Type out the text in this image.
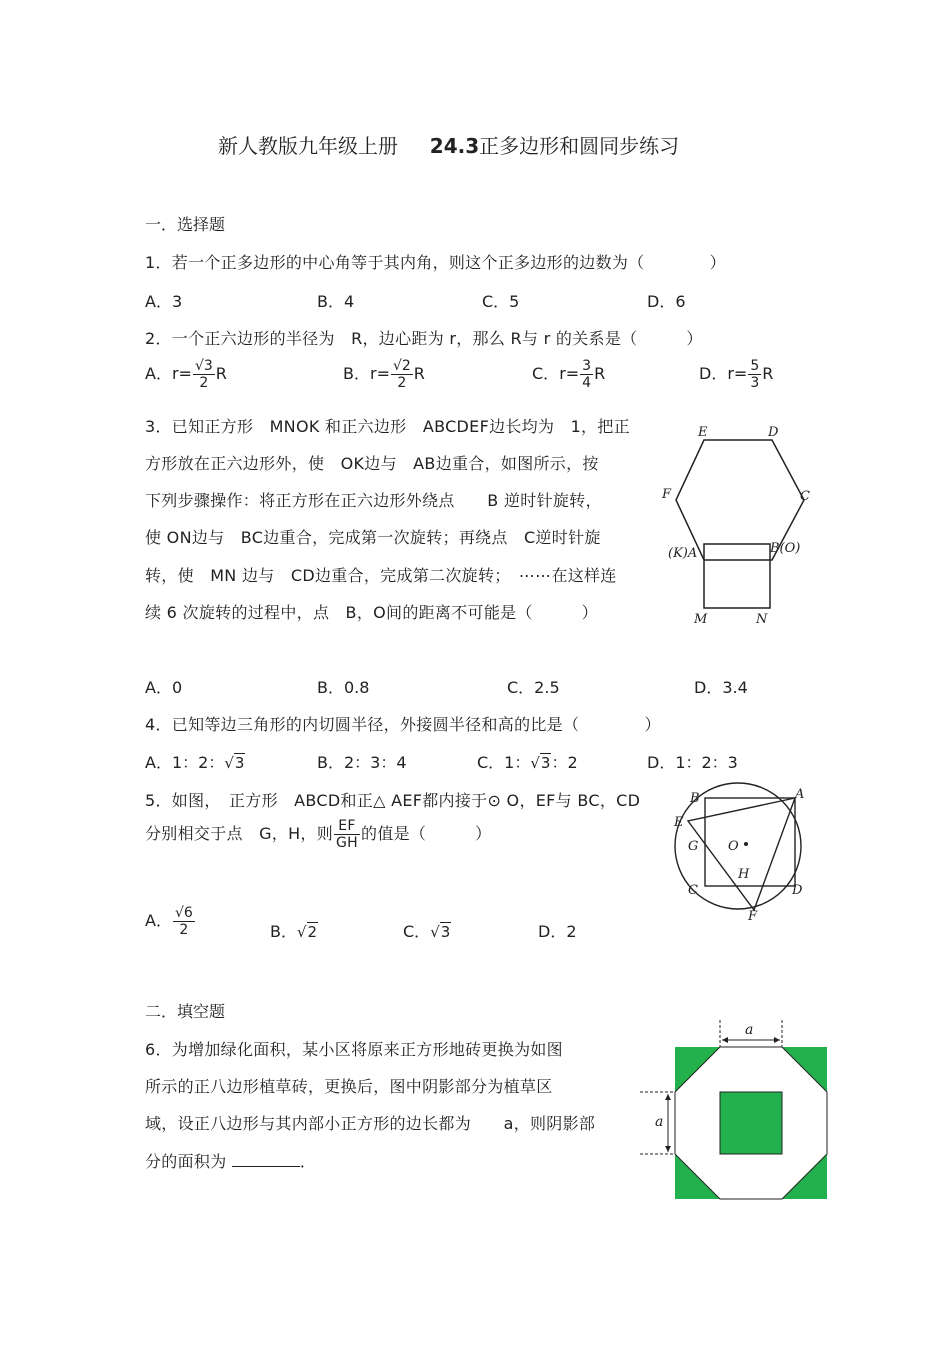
新人教版九年级上册 24.3正多边形和圆同步练习
一．选择题
1．若一个正多边形的中心角等于其内角，则这个正多边形的边数为（　　　　）
A．3	B．4	C．5	D．6
2．一个正六边形的半径为　R，边心距为 r，那么 R与 r 的关系是（　　　）
A．$r= \frac{√3}{2}$ R	B．$r= \frac{√2}{2}$ R	C．$r= \frac{3}{4}$ R	D．$r= \frac{5}{3}$ R
3．已知正方形　MNOK 和正六边形　ABCDEF边长均为　1，把正
方形放在正六边形外，使　OK边与　AB边重合，如图所示，按
下列步骤操作：将正方形在正六边形外绕点　　B 逆时针旋转，
使 ON边与　BC边重合，完成第一次旋转；再绕点　C逆时针旋
转，使　MN 边与　CD边重合，完成第二次旋转；　⋯⋯在这样连
续 6 次旋转的过程中，点　B，O间的距离不可能是（　　　）
E	D
F	C
(K)A	B(O)
M	N
A．0	B．0.8	C．2.5	D．3.4
4．已知等边三角形的内切圆半径，外接圆半径和高的比是（　　　　）
A．1：2：√3	B．2：3：4	C．1：√3：2	D．1：2：3
5．如图，　正方形　ABCD和正△ AEF都内接于⊙ O，EF与 BC，CD
分别相交于点　G，H，则 $\frac{EF}{GH}$ 的值是（　　　）
A
B
C	D
E
F
G
H
O
A． $\frac{√6}{2}$	B．√2	C．√3	D．2
二．填空题
6．为增加绿化面积，某小区将原来正方形地砖更换为如图
所示的正八边形植草砖，更换后，图中阴影部分为植草区
域，设正八边形与其内部小正方形的边长都为　　a，则阴影部
分的面积为	．
a
a
